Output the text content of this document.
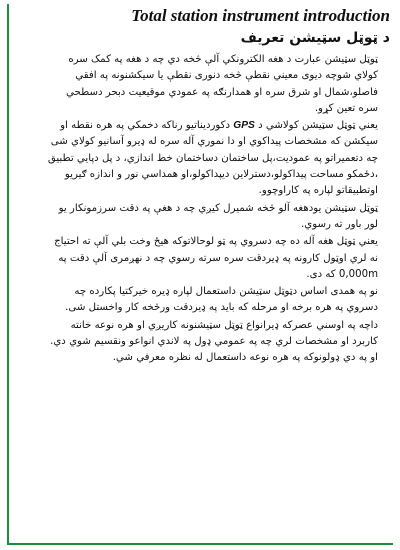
Total station instrument introduction
د ټوټل سټيشن تعريف

ټوټل سټيشن عبارت د هغه الکترونکي آلې څخه دي چه د هغه په کمک سره کولاي شوچه ديوی معيني نقطې څخه دنوری نقطې يا سيکشنونه په افقي فاصلو،شمال او شرق سره او همدارنګه په عمودي موقيعيت دبحر دسطحي سره تعين کړو.

يعني ټوټل سټيشن کولاشي د GPS دکوردیناتیو رناکه دخمکي په هره نقطه او سيکشن که مشخصات پيداکوي او دا نموري آله سره له ډيرو آسانيو کولاي شی چه دتعميراتو په عموديت،پل ساختمان دساختمان خط اندازي، د پل دپايي تطبيق ،دځمکو مساحت پيداکولو،دسترلاين ديپداکولو،او همداسي نور و اندازه ګيريو اوتطبيقاتو لپاره په کاراوچوو.

ټوټل سټيشن يودهغه آلو څخه شميرل کيږي چه د هغې په دقت سرزمونکار يو لور باور ته رسوي.

يعني ټوټل هغه آله ده چه دسروي په ټو لوحالاتوکه هيځ وخت بلي آلې ته احتياج نه لري اوټول کارونه په ډيردقت سره سرته رسوي چه د نهږمری آلې دقت په 0,000m که دی.

نو په همدی اساس دټوټل سټيشن داستعمال لپاره ډيره خيرکتيا پکارده چه دسروي په هره برخه او مرحله که بايد په ډيردقت ورڅخه کار واخستل شی.

داچه په اوسني عصرکه ډيرانواع ټوټل سټيشنونه کاريږي او هره نوعه خانته کاربرد او مشخصات لري چه په عمومي ډول په لاندي انواعو ونقسيم شوي دي. او په دي ډولونوکه په هره نوعه داستعمال له نظره معرفي شي.
